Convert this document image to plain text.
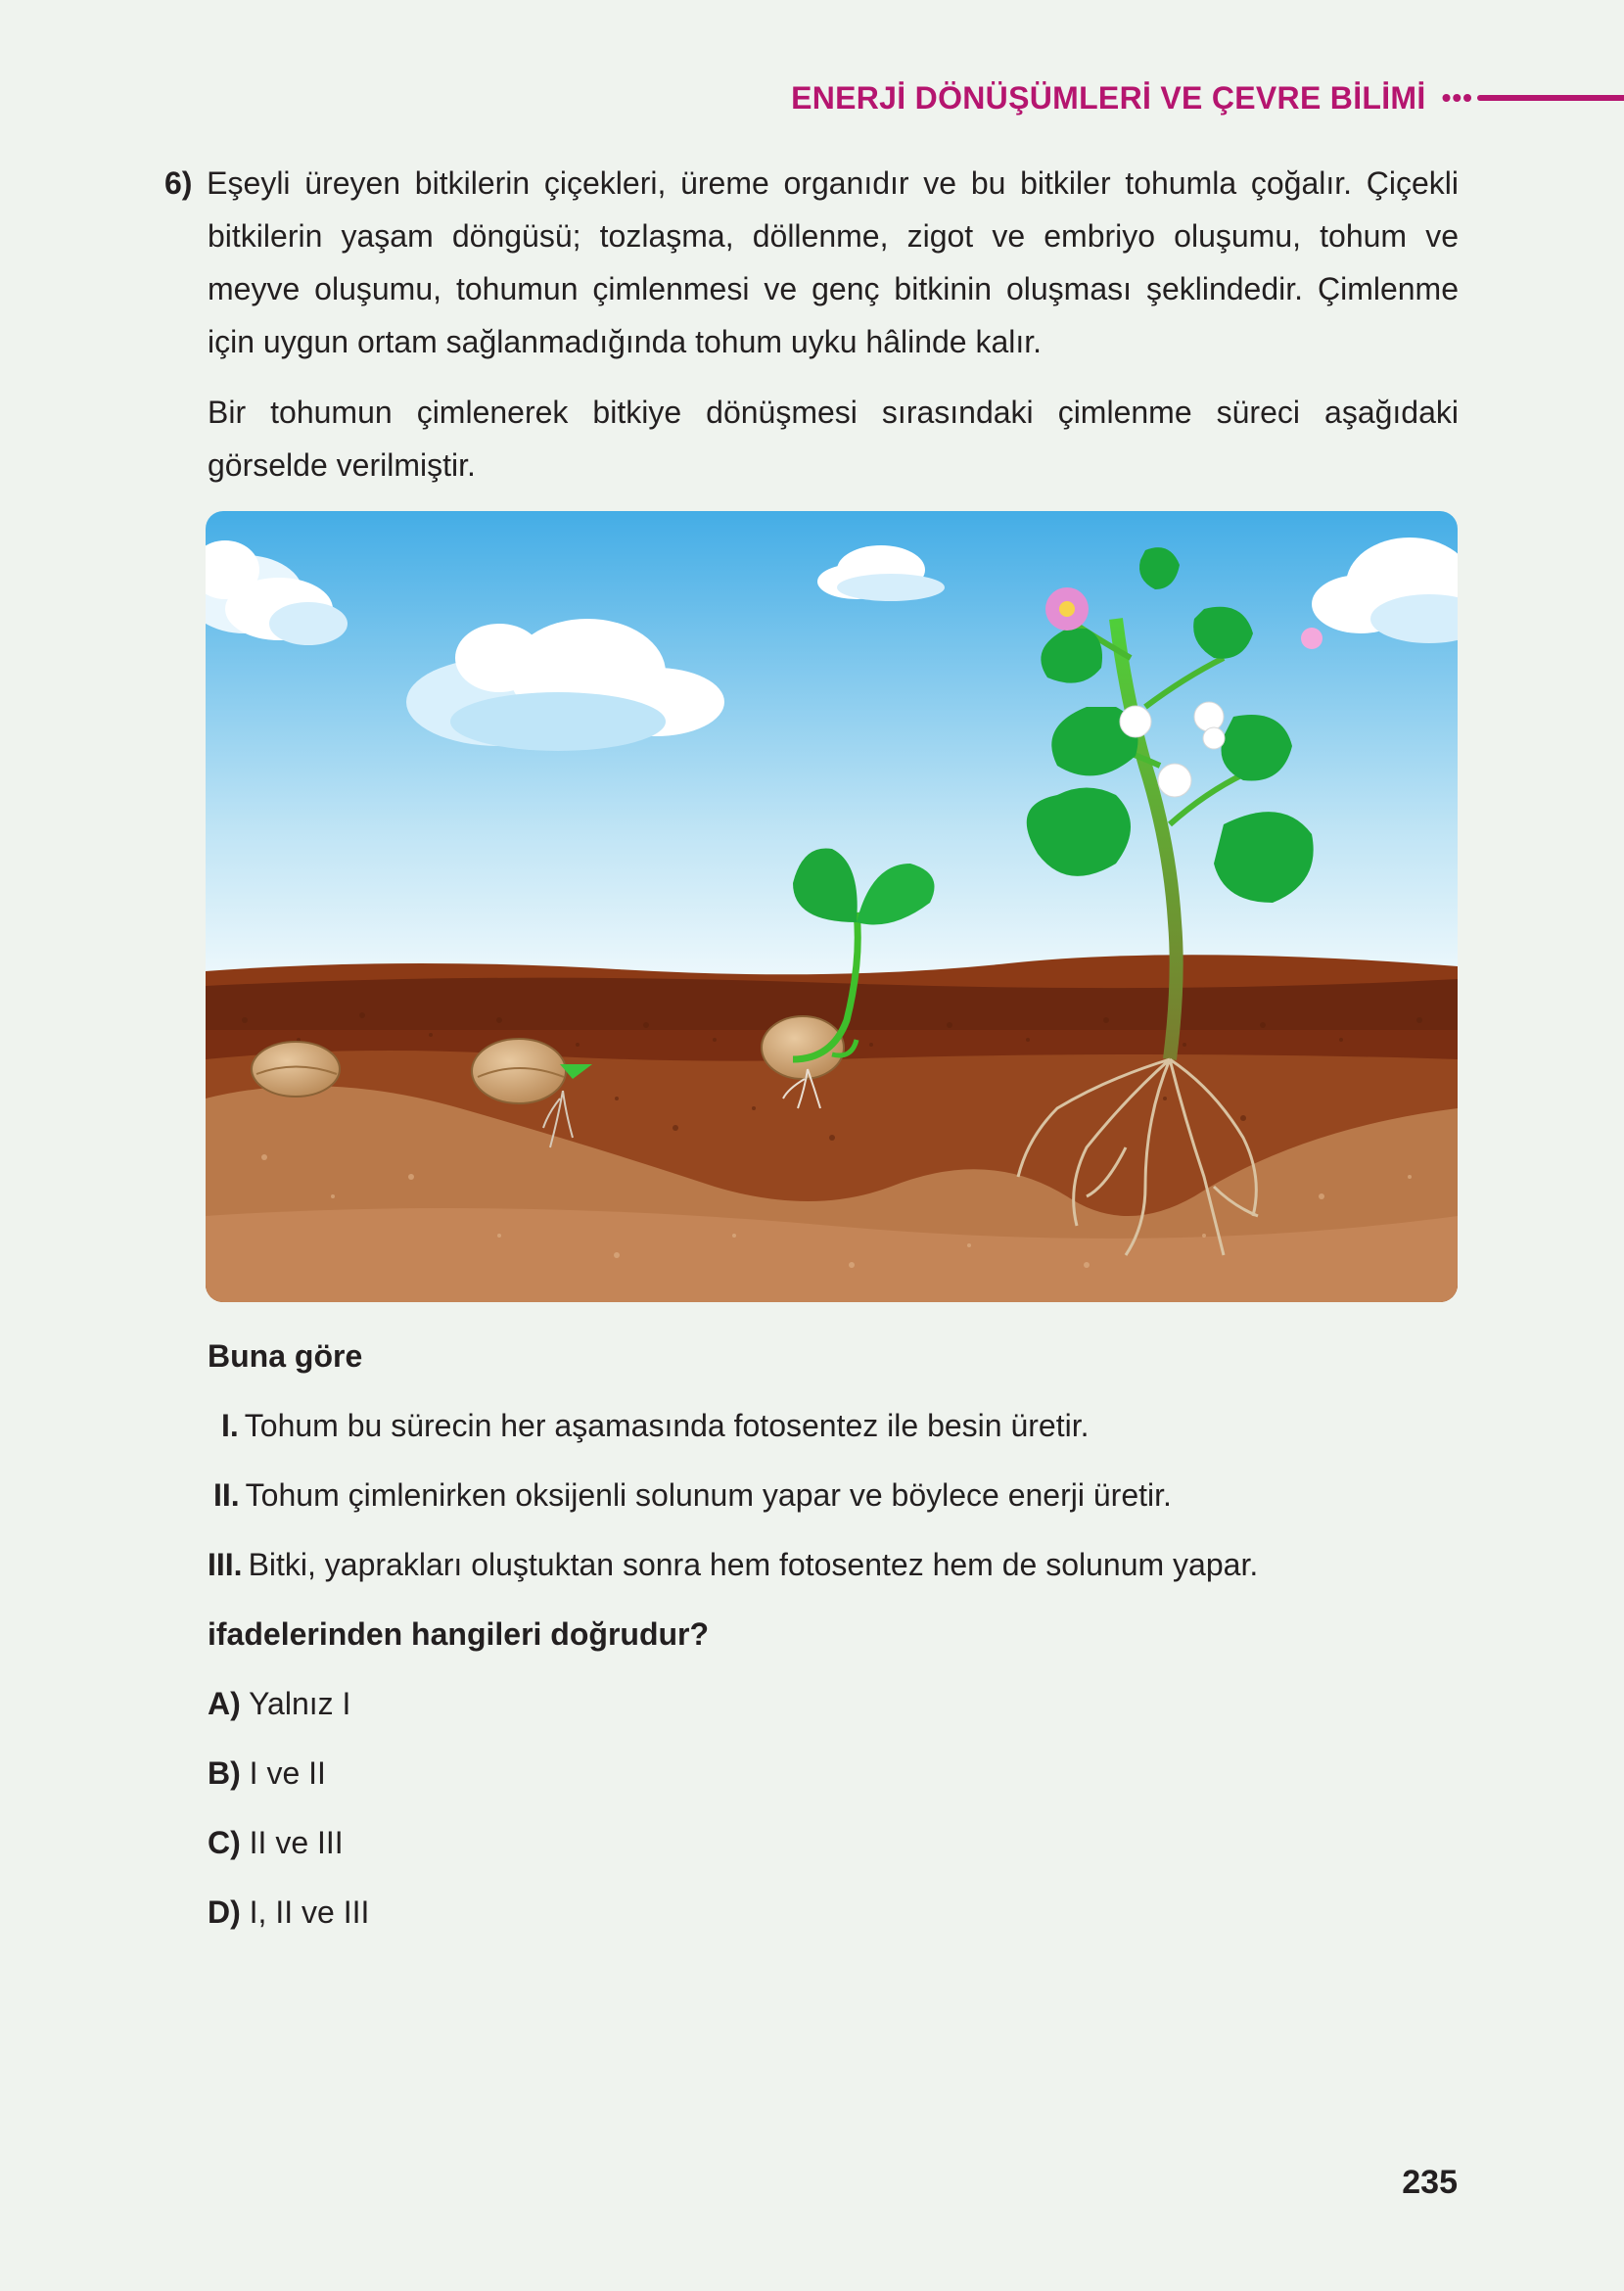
ENERJİ DÖNÜŞÜMLERİ VE ÇEVRE BİLİMİ •••

6) Eşeyli üreyen bitkilerin çiçekleri, üreme organıdır ve bu bitkiler tohumla çoğalır. Çiçekli bitkilerin yaşam döngüsü; tozlaşma, döllenme, zigot ve embriyo oluşumu, tohum ve meyve oluşumu, tohumun çimlenmesi ve genç bitkinin oluşması şeklindedir. Çimlenme için uygun ortam sağlanmadığında tohum uyku hâlinde kalır.

Bir tohumun çimlenerek bitkiye dönüşmesi sırasındaki çimlenme süreci aşağıdaki görselde verilmiştir.

Buna göre
I. Tohum bu sürecin her aşamasında fotosentez ile besin üretir.
II. Tohum çimlenirken oksijenli solunum yapar ve böylece enerji üretir.
III. Bitki, yaprakları oluştuktan sonra hem fotosentez hem de solunum yapar.
ifadelerinden hangileri doğrudur?
A) Yalnız I
B) I ve II
C) II ve III
D) I, II ve III
235
